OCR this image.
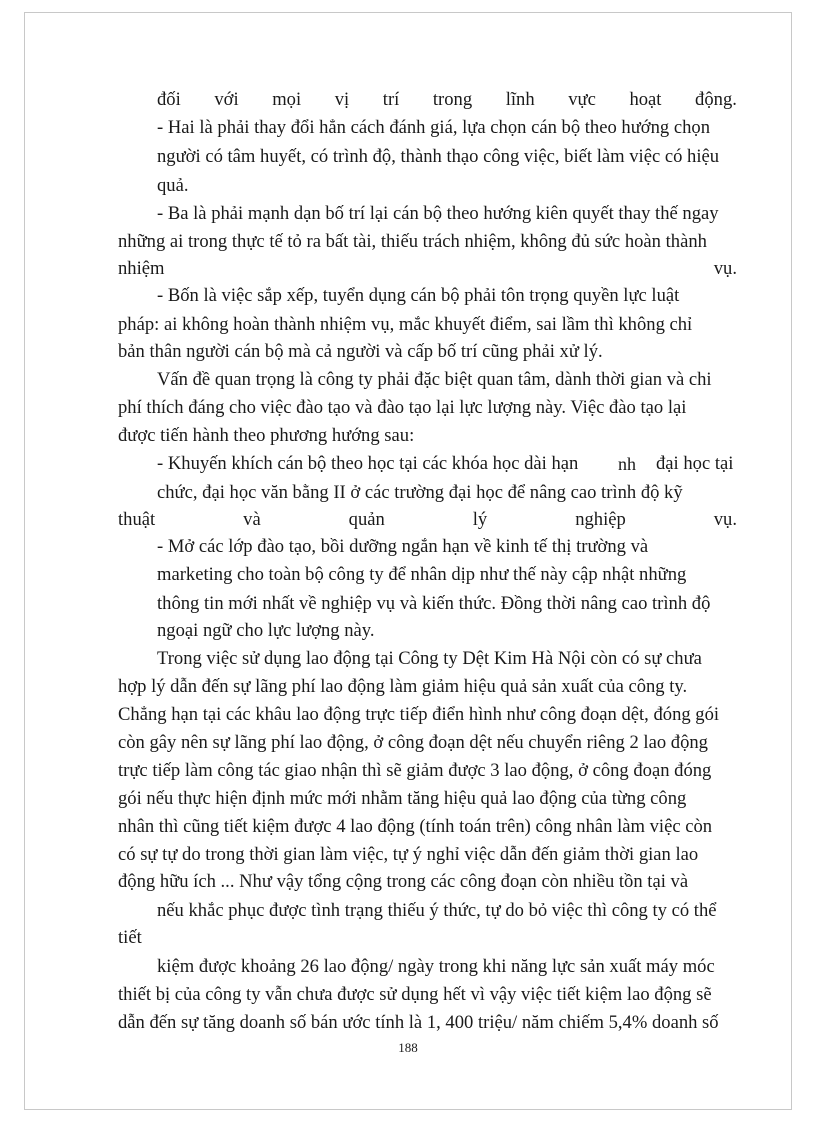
đối với mọi vị trí trong lĩnh vực hoạt động.
- Hai là phải thay đổi hẳn cách đánh giá, lựa chọn cán bộ theo hướng chọn
người có tâm huyết, có trình độ, thành thạo công việc, biết làm việc có hiệu
quả.
- Ba là phải mạnh dạn bố trí lại cán bộ theo hướng kiên quyết thay thế ngay
những ai trong thực tế tỏ ra bất tài, thiếu trách nhiệm, không đủ sức hoàn thành
nhiệm	vụ.
- Bốn là việc sắp xếp, tuyển dụng cán bộ phải tôn trọng quyền lực luật
pháp: ai không hoàn thành nhiệm vụ, mắc khuyết điểm, sai lầm thì không chỉ
bản thân người cán bộ mà cả người và cấp bố trí cũng phải xử lý.
Vấn đề quan trọng là công ty phải đặc biệt quan tâm, dành thời gian và chi
phí thích đáng cho việc đào tạo và đào tạo lại lực lượng này. Việc đào tạo lại
được tiến hành theo phương hướng sau:
- Khuyến khích cán bộ theo học tại các khóa học dài hạn	đại học tại
nh
chức, đại học văn bằng II ở các trường đại học để nâng cao trình độ kỹ
thuật	và	quản	lý	nghiệp	vụ.
- Mở các lớp đào tạo, bồi dưỡng ngắn hạn về kinh tế thị trường và
marketing cho toàn bộ công ty để nhân dịp như thế này cập nhật những
thông tin mới nhất về nghiệp vụ và kiến thức. Đồng thời nâng cao trình độ
ngoại ngữ cho lực lượng này.
Trong việc sử dụng lao động tại Công ty Dệt Kim Hà Nội còn có sự chưa
hợp lý dẫn đến sự lãng phí lao động làm giảm hiệu quả sản xuất của công ty.
Chẳng hạn tại các khâu lao động trực tiếp điển hình như công đoạn dệt, đóng gói
còn gây nên sự lãng phí lao động, ở công đoạn dệt nếu chuyển riêng 2 lao động
trực tiếp làm công tác giao nhận thì sẽ giảm được 3 lao động, ở công đoạn đóng
gói nếu thực hiện định mức mới nhằm tăng hiệu quả lao động của từng công
nhân thì cũng tiết kiệm được 4 lao động (tính toán trên) công nhân làm việc còn
có sự tự do trong thời gian làm việc, tự ý nghỉ việc dẫn đến giảm thời gian lao
động hữu ích ... Như vậy tổng cộng trong các công đoạn còn nhiều tồn tại và
nếu khắc phục được tình trạng thiếu ý thức, tự do bỏ việc thì công ty có thể
tiết
kiệm được khoảng 26 lao động/ ngày trong khi năng lực sản xuất máy móc
thiết bị của công ty vẫn chưa được sử dụng hết vì vậy việc tiết kiệm lao động sẽ
dẫn đến sự tăng doanh số bán ước tính là 1, 400 triệu/ năm chiếm 5,4% doanh số
188
